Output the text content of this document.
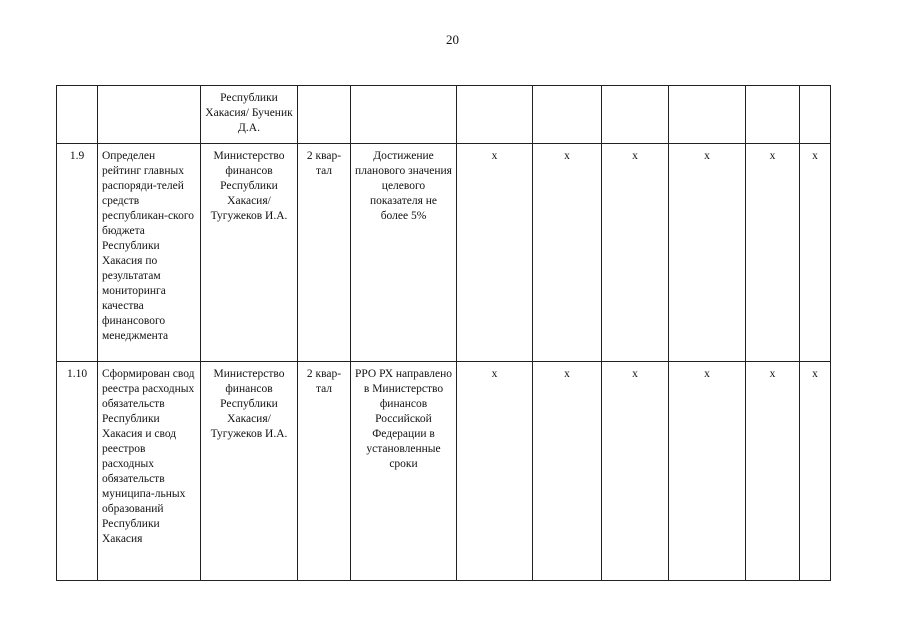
20
		Республики Хакасия/ Бученик Д.А.								
1.9	Определен рейтинг главных распоряди-телей средств республикан-ского бюджета Республики Хакасия по результатам мониторинга качества финансового менеджмента	Министерство финансов Республики Хакасия/ Тугужеков И.А.	2 квар-тал	Достижение планового значения целевого показателя не более 5%	х	х	х	х	х	х
1.10	Сформирован свод реестра расходных обязательств Республики Хакасия и свод реестров расходных обязательств муниципа-льных образований Республики Хакасия	Министерство финансов Республики Хакасия/ Тугужеков И.А.	2 квар-тал	РРО РХ направлено в Министерство финансов Российской Федерации в установленные сроки	х	х	х	х	х	х
